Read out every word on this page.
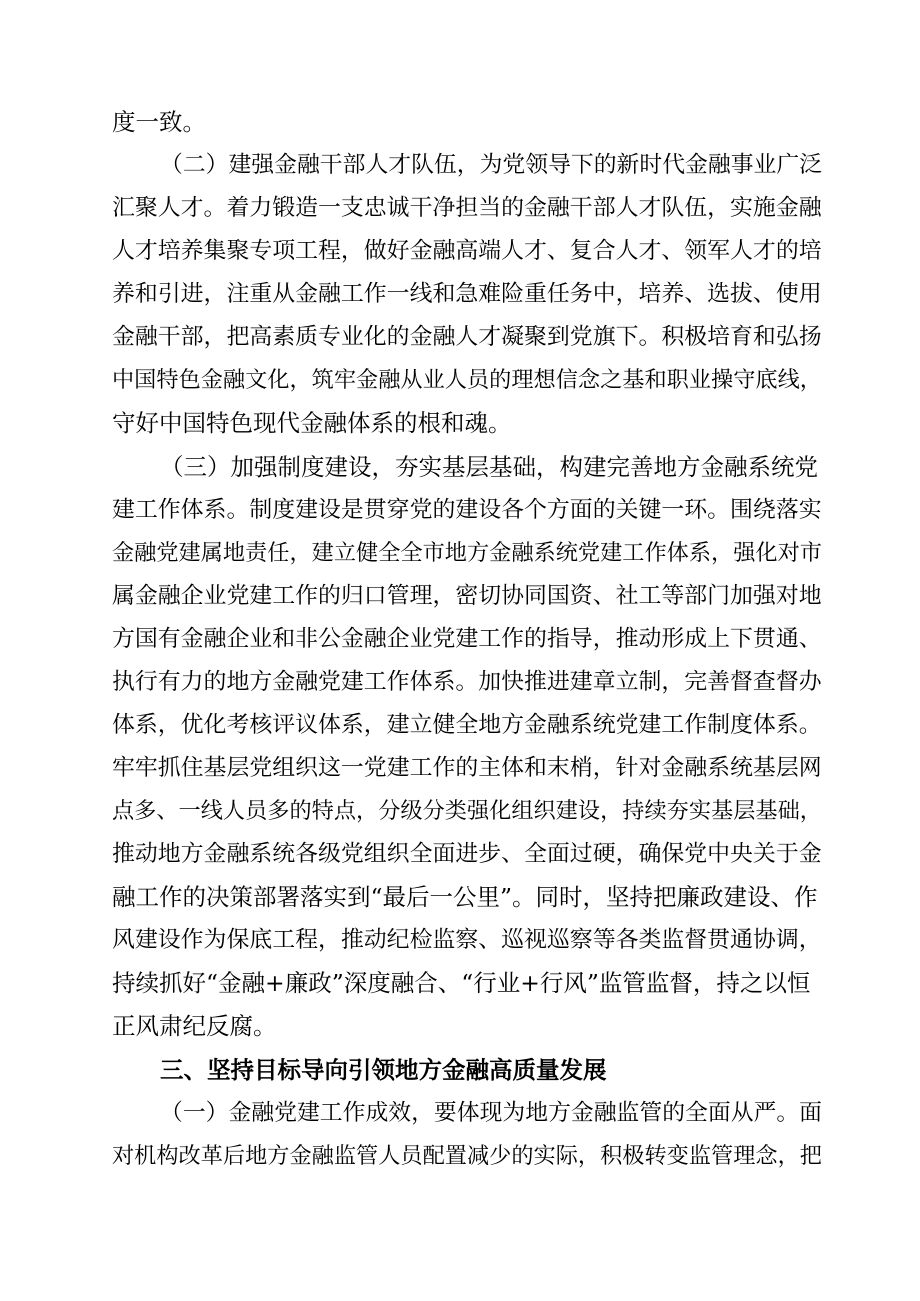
度一致。
（二）建强金融干部人才队伍，为党领导下的新时代金融事业广泛
汇聚人才。着力锻造一支忠诚干净担当的金融干部人才队伍，实施金融
人才培养集聚专项工程，做好金融高端人才、复合人才、领军人才的培
养和引进，注重从金融工作一线和急难险重任务中，培养、选拔、使用
金融干部，把高素质专业化的金融人才凝聚到党旗下。积极培育和弘扬
中国特色金融文化，筑牢金融从业人员的理想信念之基和职业操守底线，
守好中国特色现代金融体系的根和魂。
（三）加强制度建设，夯实基层基础，构建完善地方金融系统党
建工作体系。制度建设是贯穿党的建设各个方面的关键一环。围绕落实
金融党建属地责任，建立健全全市地方金融系统党建工作体系，强化对市
属金融企业党建工作的归口管理，密切协同国资、社工等部门加强对地
方国有金融企业和非公金融企业党建工作的指导，推动形成上下贯通、
执行有力的地方金融党建工作体系。加快推进建章立制，完善督查督办
体系，优化考核评议体系，建立健全地方金融系统党建工作制度体系。
牢牢抓住基层党组织这一党建工作的主体和末梢，针对金融系统基层网
点多、一线人员多的特点，分级分类强化组织建设，持续夯实基层基础，
推动地方金融系统各级党组织全面进步、全面过硬，确保党中央关于金
融工作的决策部署落实到“最后一公里”。同时，坚持把廉政建设、作
风建设作为保底工程，推动纪检监察、巡视巡察等各类监督贯通协调，
持续抓好“金融+廉政”深度融合、“行业+行风”监管监督，持之以恒
正风肃纪反腐。
三、坚持目标导向引领地方金融高质量发展
（一）金融党建工作成效，要体现为地方金融监管的全面从严。面
对机构改革后地方金融监管人员配置减少的实际，积极转变监管理念，把
